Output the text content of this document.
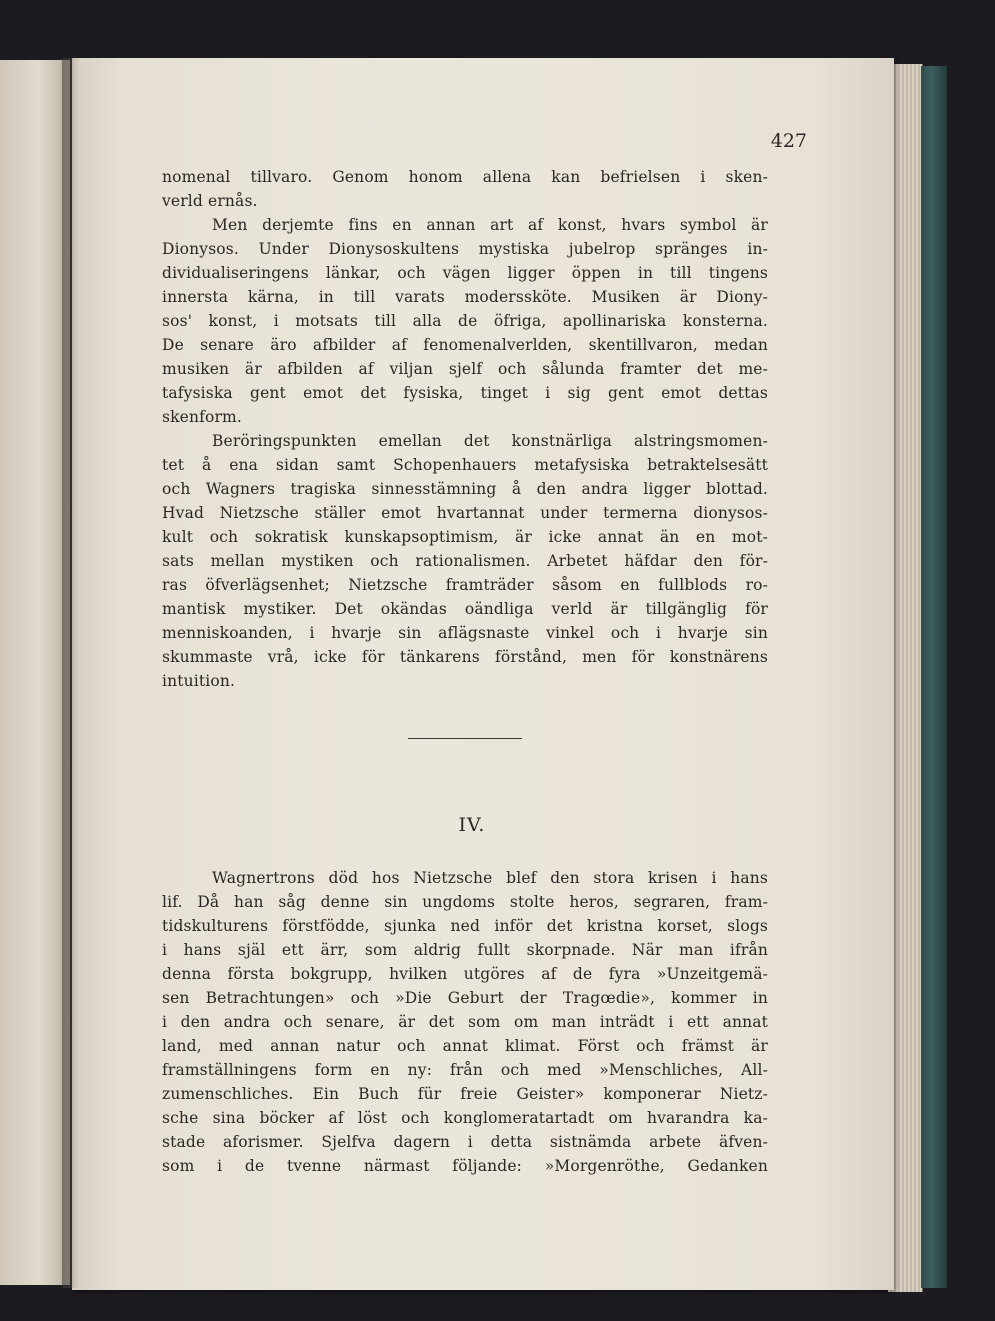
427
nomenal tillvaro. Genom honom allena kan befrielsen i sken-
verld ernås.
Men derjemte fins en annan art af konst, hvars symbol är
Dionysos. Under Dionysoskultens mystiska jubelrop spränges in-
dividualiseringens länkar, och vägen ligger öppen in till tingens
innersta kärna, in till varats moderssköte. Musiken är Diony-
sos' konst, i motsats till alla de öfriga, apollinariska konsterna.
De senare äro afbilder af fenomenalverlden, skentillvaron, medan
musiken är afbilden af viljan sjelf och sålunda framter det me-
tafysiska gent emot det fysiska, tinget i sig gent emot dettas
skenform.
Beröringspunkten emellan det konstnärliga alstringsmomen-
tet å ena sidan samt Schopenhauers metafysiska betraktelsesätt
och Wagners tragiska sinnesstämning å den andra ligger blottad.
Hvad Nietzsche ställer emot hvartannat under termerna dionysos-
kult och sokratisk kunskapsoptimism, är icke annat än en mot-
sats mellan mystiken och rationalismen. Arbetet häfdar den för-
ras öfverlägsenhet; Nietzsche framträder såsom en fullblods ro-
mantisk mystiker. Det okändas oändliga verld är tillgänglig för
menniskoanden, i hvarje sin aflägsnaste vinkel och i hvarje sin
skummaste vrå, icke för tänkarens förstånd, men för konstnärens
intuition.
IV.
Wagnertrons död hos Nietzsche blef den stora krisen i hans
lif. Då han såg denne sin ungdoms stolte heros, segraren, fram-
tidskulturens förstfödde, sjunka ned inför det kristna korset, slogs
i hans själ ett ärr, som aldrig fullt skorpnade. När man ifrån
denna första bokgrupp, hvilken utgöres af de fyra »Unzeitgemä-
sen Betrachtungen» och »Die Geburt der Tragœdie», kommer in
i den andra och senare, är det som om man inträdt i ett annat
land, med annan natur och annat klimat. Först och främst är
framställningens form en ny: från och med »Menschliches, All-
zumenschliches. Ein Buch für freie Geister» komponerar Nietz-
sche sina böcker af löst och konglomeratartadt om hvarandra ka-
stade aforismer. Sjelfva dagern i detta sistnämda arbete äfven-
som i de tvenne närmast följande: »Morgenröthe, Gedanken
